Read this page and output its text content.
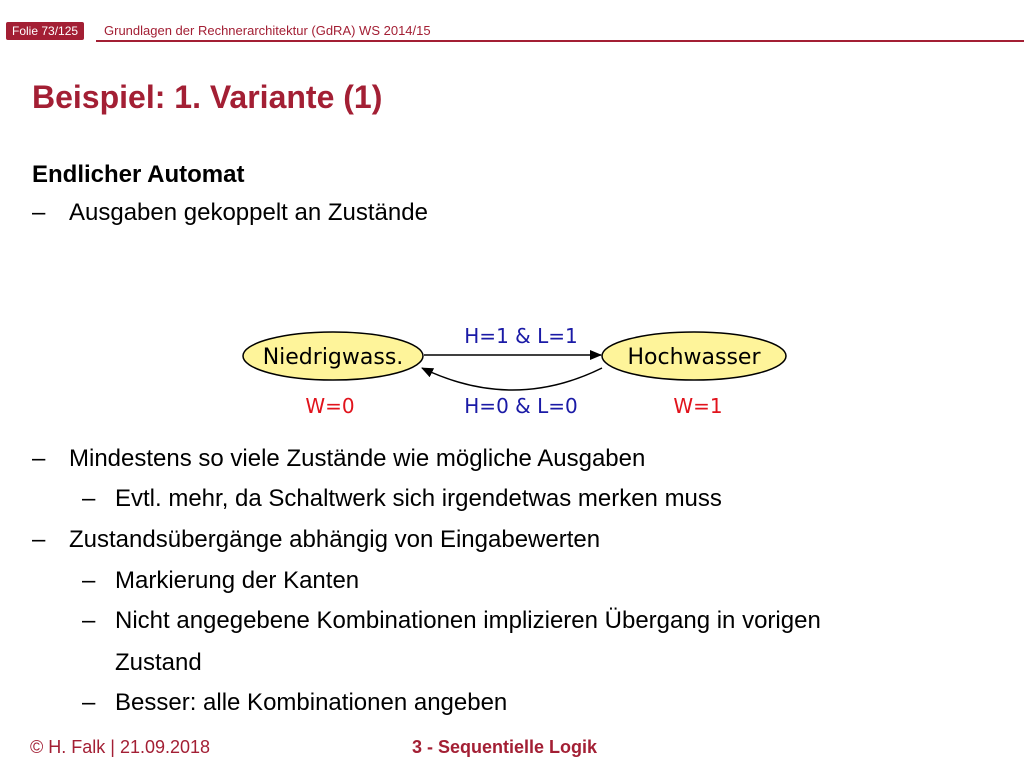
Folie 73/125	Grundlagen der Rechnerarchitektur (GdRA) WS 2014/15
Beispiel: 1. Variante (1)
Endlicher Automat
– Ausgaben gekoppelt an Zustände
Niedrigwass.	Hochwasser
H=1 & L=1
H=0 & L=0
W=0	W=1
– Mindestens so viele Zustände wie mögliche Ausgaben
– Evtl. mehr, da Schaltwerk sich irgendetwas merken muss
– Zustandsübergänge abhängig von Eingabewerten
– Markierung der Kanten
– Nicht angegebene Kombinationen implizieren Übergang in vorigen
Zustand
– Besser: alle Kombinationen angeben
© H. Falk | 21.09.2018	3 - Sequentielle Logik
